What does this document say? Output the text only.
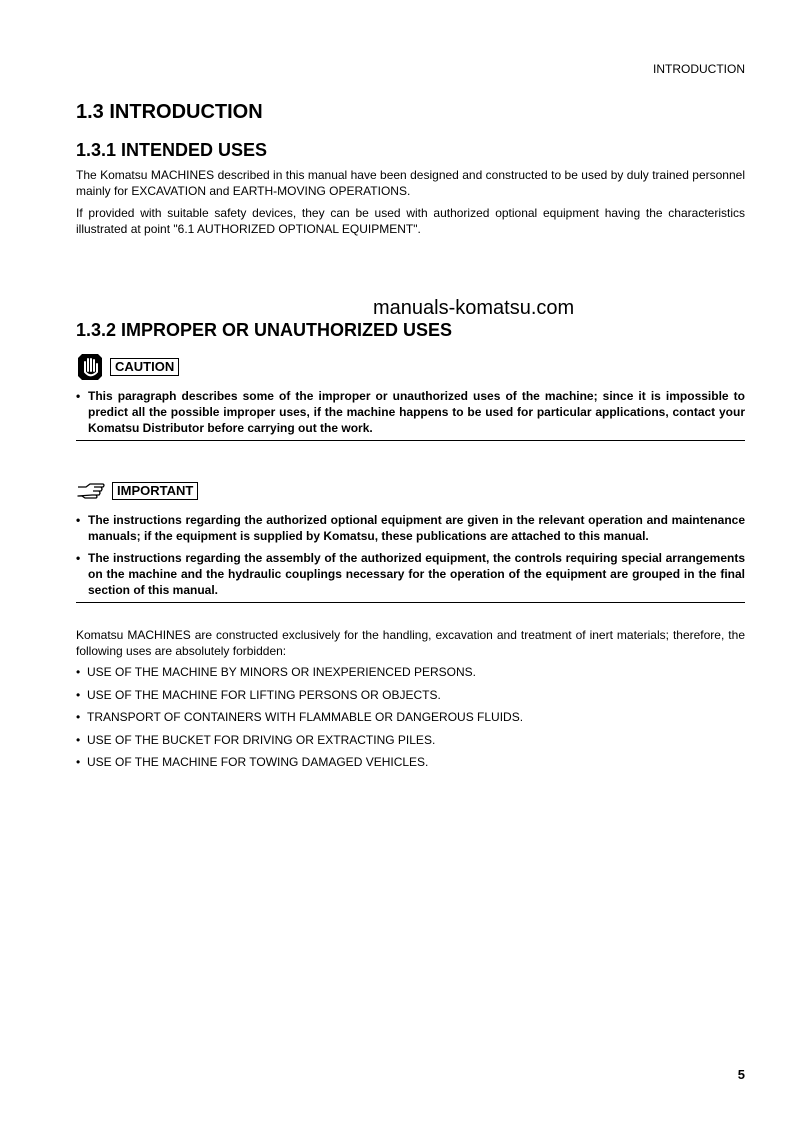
INTRODUCTION
1.3 INTRODUCTION
1.3.1 INTENDED USES

The Komatsu MACHINES described in this manual have been designed and constructed to be used by duly trained personnel mainly for EXCAVATION and EARTH-MOVING OPERATIONS.

If provided with suitable safety devices, they can be used with authorized optional equipment having the characteristics illustrated at point "6.1 AUTHORIZED OPTIONAL EQUIPMENT".

1.3.2 IMPROPER OR UNAUTHORIZED USES
CAUTION
• This paragraph describes some of the improper or unauthorized uses of the machine; since it is impossible to predict all the possible improper uses, if the machine happens to be used for particular applications, contact your Komatsu Distributor before carrying out the work.
IMPORTANT
• The instructions regarding the authorized optional equipment are given in the relevant operation and maintenance manuals; if the equipment is supplied by Komatsu, these publications are attached to this manual.
• The instructions regarding the assembly of the authorized equipment, the controls requiring special arrangements on the machine and the hydraulic couplings necessary for the operation of the equipment are grouped in the final section of this manual.

Komatsu MACHINES are constructed exclusively for the handling, excavation and treatment of inert materials; therefore, the following uses are absolutely forbidden:

• USE OF THE MACHINE BY MINORS OR INEXPERIENCED PERSONS.
• USE OF THE MACHINE FOR LIFTING PERSONS OR OBJECTS.
• TRANSPORT OF CONTAINERS WITH FLAMMABLE OR DANGEROUS FLUIDS.
• USE OF THE BUCKET FOR DRIVING OR EXTRACTING PILES.
• USE OF THE MACHINE FOR TOWING DAMAGED VEHICLES.
manuals-komatsu.com
5
